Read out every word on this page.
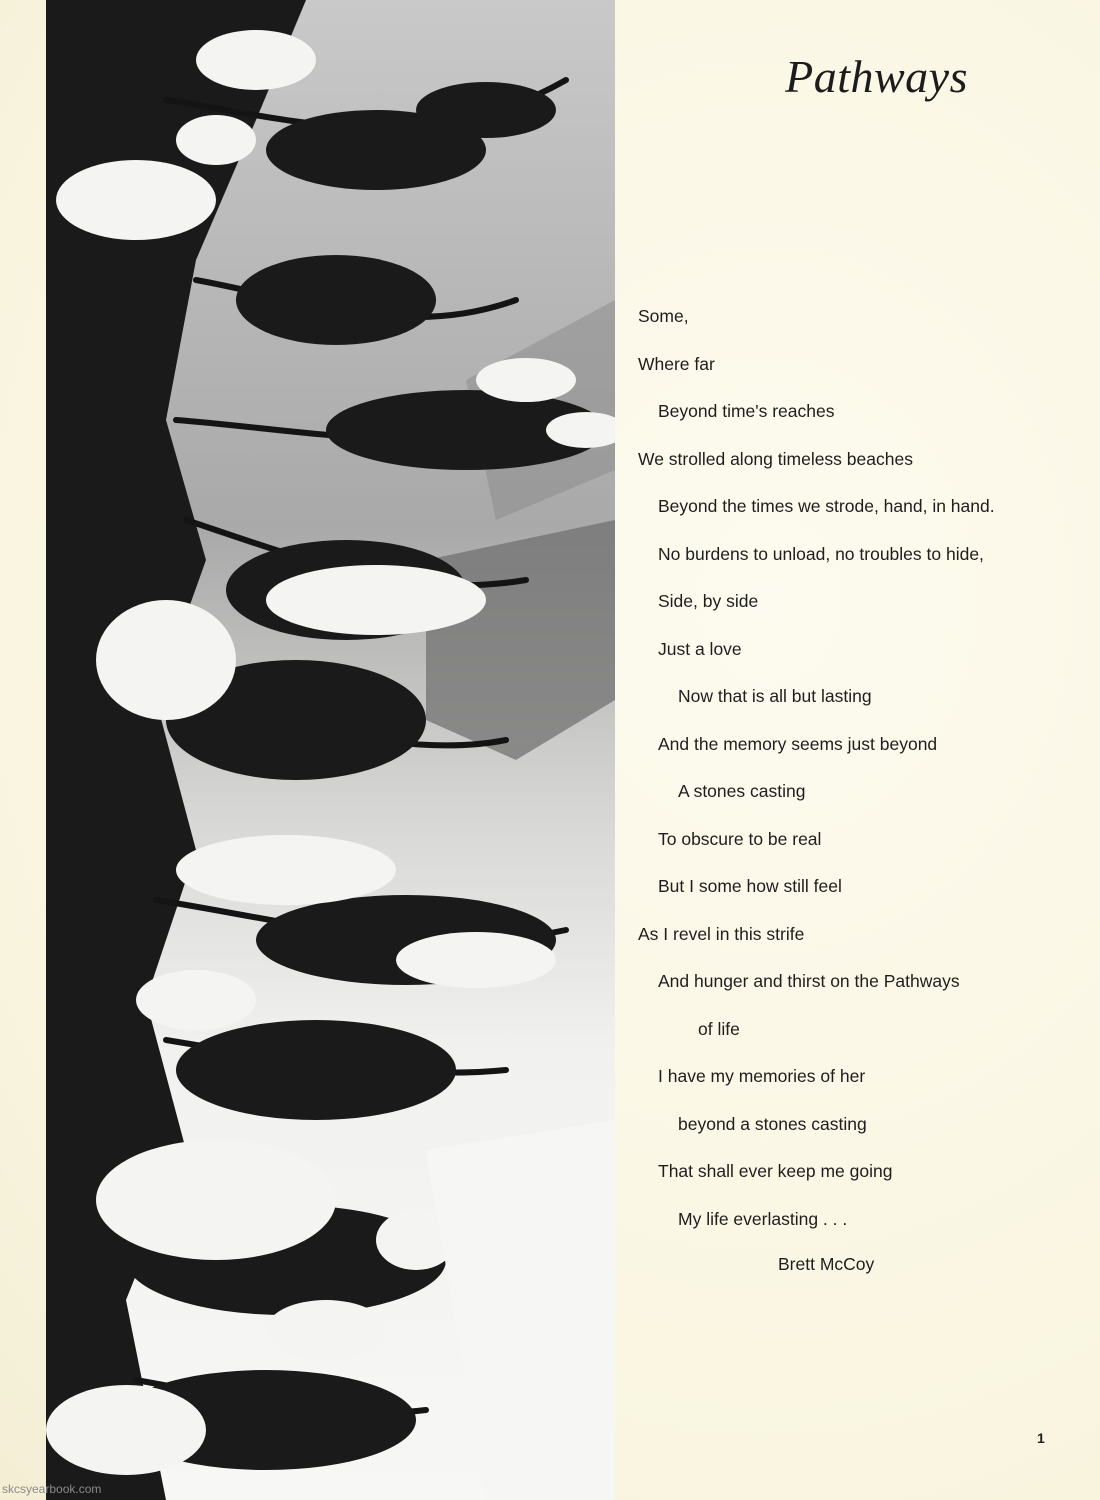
Pathways
Some,
Where far
Beyond time's reaches
We strolled along timeless beaches
Beyond the times we strode, hand, in hand.
No burdens to unload, no troubles to hide,
Side, by side
Just a love
Now that is all but lasting
And the memory seems just beyond
A stones casting
To obscure to be real
But I some how still feel
As I revel in this strife
And hunger and thirst on the Pathways
of life
I have my memories of her
beyond a stones casting
That shall ever keep me going
My life everlasting . . .
Brett McCoy
1
skcsyearbook.com
